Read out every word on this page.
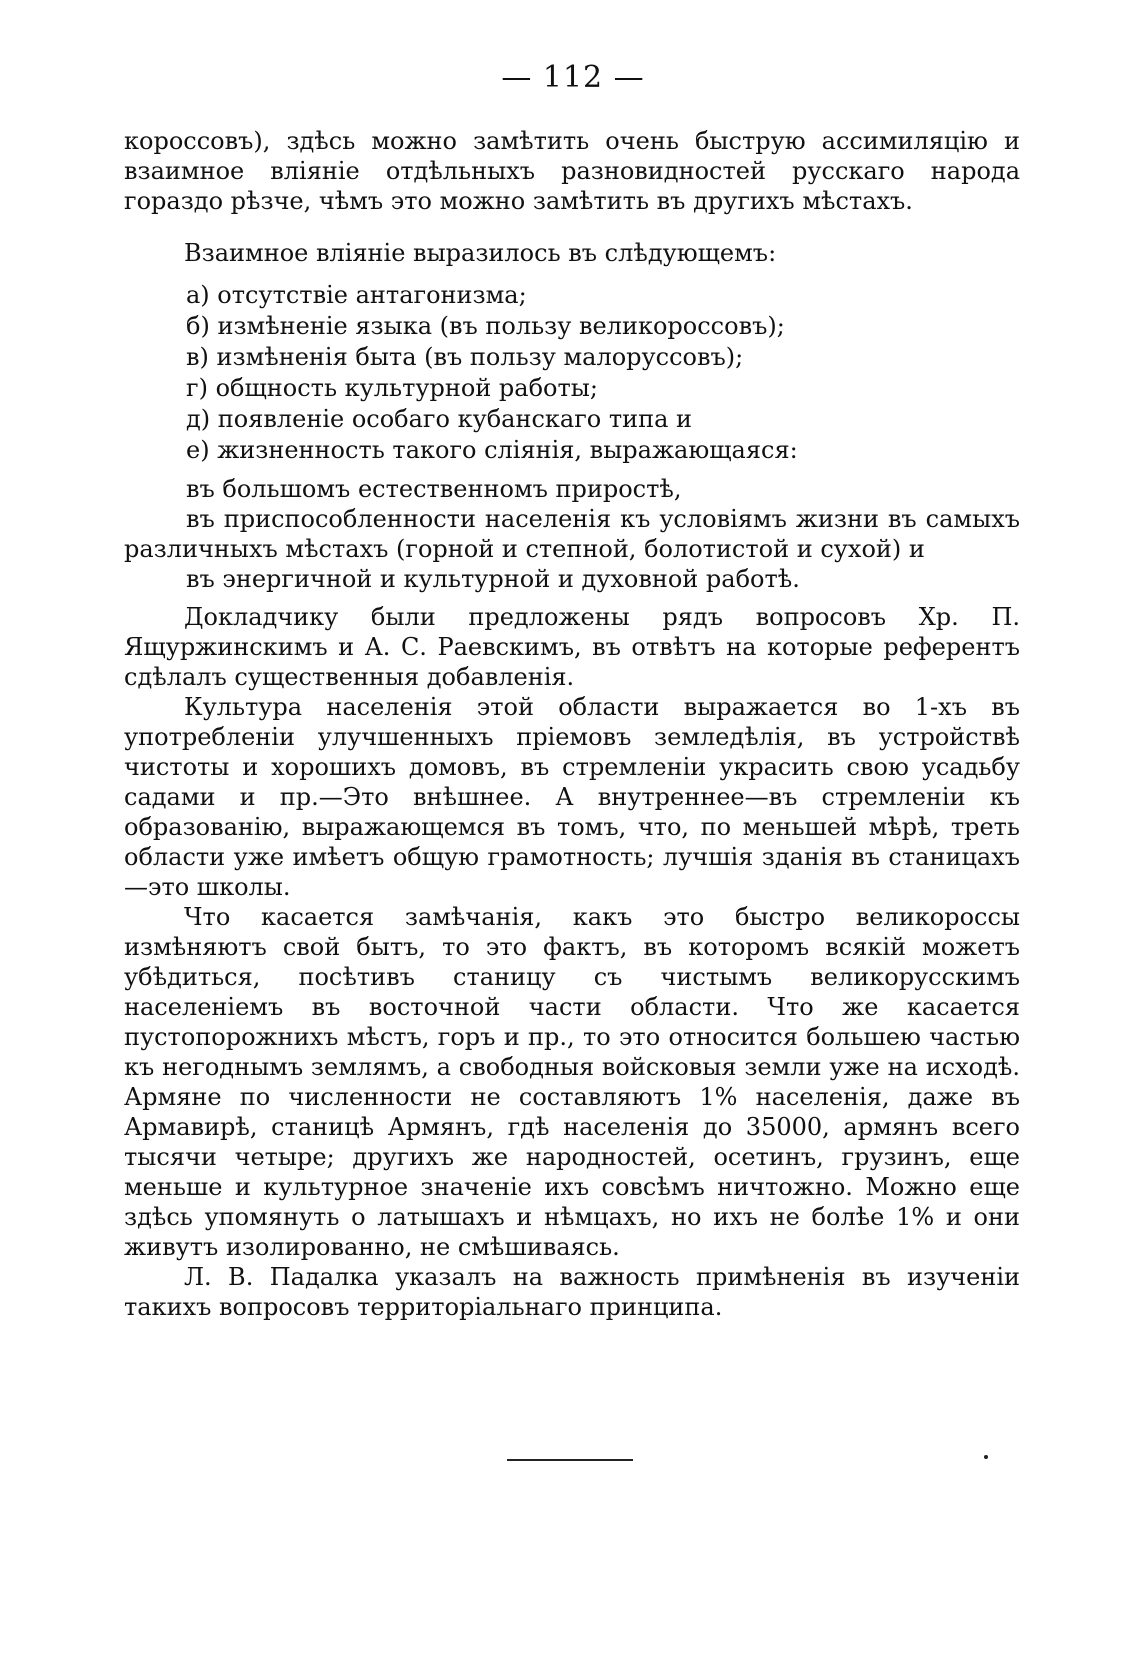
— 112 —

короссовъ), здѣсь можно замѣтить очень быструю ассимиляцію и взаимное вліяніе отдѣльныхъ разновидностей русскаго народа гораздо рѣзче, чѣмъ это можно замѣтить въ другихъ мѣстахъ.

Взаимное вліяніе выразилось въ слѣдующемъ:

а) отсутствіе антагонизма;

б) измѣненіе языка (въ пользу великороссовъ);

в) измѣненія быта (въ пользу малоруссовъ);

г) общность культурной работы;

д) появленіе особаго кубанскаго типа и

е) жизненность такого сліянія, выражающаяся:

въ большомъ естественномъ приростѣ,

въ приспособленности населенія къ условіямъ жизни въ самыхъ различныхъ мѣстахъ (горной и степной, болотистой и сухой) и

въ энергичной и культурной и духовной работѣ.

Докладчику были предложены рядъ вопросовъ Хр. П. Ящуржинскимъ и А. С. Раевскимъ, въ отвѣтъ на которые референтъ сдѣлалъ существенныя добавленія.

Культура населенія этой области выражается во 1-хъ въ употребленіи улучшенныхъ пріемовъ земледѣлія, въ устройствѣ чистоты и хорошихъ домовъ, въ стремленіи украсить свою усадьбу садами и пр.—Это внѣшнее. А внутреннее—въ стремленіи къ образованію, выражающемся въ томъ, что, по меньшей мѣрѣ, треть области уже имѣетъ общую грамотность; лучшія зданія въ станицахъ—это школы.

Что касается замѣчанія, какъ это быстро великороссы измѣняютъ свой бытъ, то это фактъ, въ которомъ всякій можетъ убѣдиться, посѣтивъ станицу съ чистымъ великорусскимъ населеніемъ въ восточной части области. Что же касается пустопорожнихъ мѣстъ, горъ и пр., то это относится большею частью къ негоднымъ землямъ, а свободныя войсковыя земли уже на исходѣ. Армяне по численности не составляютъ 1% населенія, даже въ Армавирѣ, станицѣ Армянъ, гдѣ населенія до 35000, армянъ всего тысячи четыре; другихъ же народностей, осетинъ, грузинъ, еще меньше и культурное значеніе ихъ совсѣмъ ничтожно. Можно еще здѣсь упомянуть о латышахъ и нѣмцахъ, но ихъ не болѣе 1% и они живутъ изолированно, не смѣшиваясь.

Л. В. Падалка указалъ на важность примѣненія въ изученіи такихъ вопросовъ территоріальнаго принципа.
